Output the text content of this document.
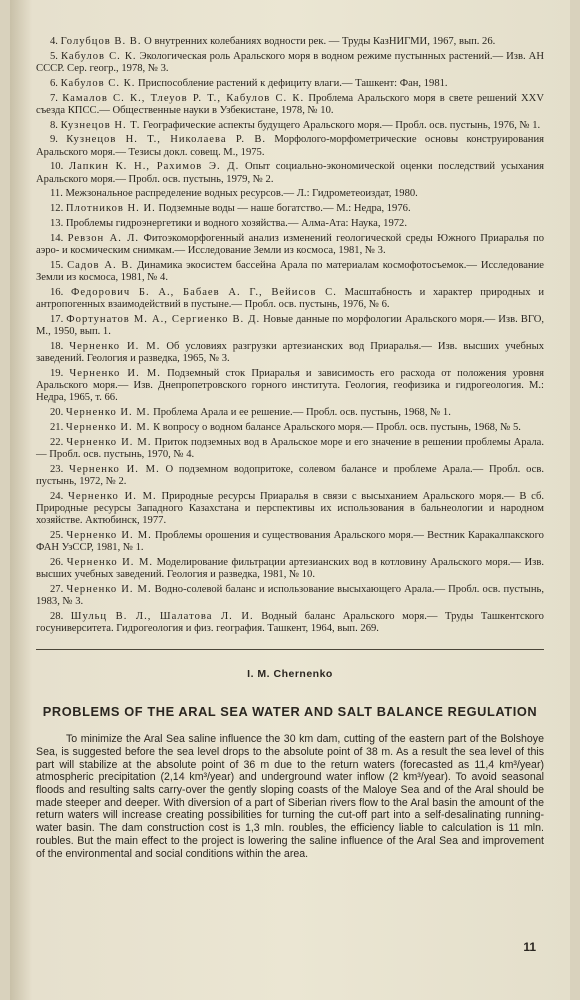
4. Голубцов В. В. О внутренних колебаниях водности рек. — Труды КазНИГМИ, 1967, вып. 26.

5. Кабулов С. К. Экологическая роль Аральского моря в водном режиме пустынных растений.— Изв. АН СССР. Сер. геогр., 1978, № 3.

6. Кабулов С. К. Приспособление растений к дефициту влаги.— Ташкент: Фан, 1981.

7. Камалов С. К., Тлеуов Р. Т., Кабулов С. К. Проблема Аральского моря в свете решений XXV съезда КПСС.— Общественные науки в Узбекистане, 1978, № 10.

8. Кузнецов Н. Т. Географические аспекты будущего Аральского моря.— Пробл. осв. пустынь, 1976, № 1.

9. Кузнецов Н. Т., Николаева Р. В. Морфолого-морфометрические основы конструирования Аральского моря.— Тезисы докл. совещ. М., 1975.

10. Лапкин К. Н., Рахимов Э. Д. Опыт социально-экономической оценки последствий усыхания Аральского моря.— Пробл. осв. пустынь, 1979, № 2.

11. Межзональное распределение водных ресурсов.— Л.: Гидрометеоиздат, 1980.

12. Плотников Н. И. Подземные воды — наше богатство.— М.: Недра, 1976.

13. Проблемы гидроэнергетики и водного хозяйства.— Алма-Ата: Наука, 1972.

14. Ревзон А. Л. Фитоэкоморфогенный анализ изменений геологической среды Южного Приаралья по аэро- и космическим снимкам.— Исследование Земли из космоса, 1981, № 3.

15. Садов А. В. Динамика экосистем бассейна Арала по материалам космофотосъемок.— Исследование Земли из космоса, 1981, № 4.

16. Федорович Б. А., Бабаев А. Г., Вейисов С. Масштабность и характер природных и антропогенных взаимодействий в пустыне.— Пробл. осв. пустынь, 1976, № 6.

17. Фортунатов М. А., Сергиенко В. Д. Новые данные по морфологии Аральского моря.— Изв. ВГО, М., 1950, вып. 1.

18. Черненко И. М. Об условиях разгрузки артезианских вод Приаралья.— Изв. высших учебных заведений. Геология и разведка, 1965, № 3.

19. Черненко И. М. Подземный сток Приаралья и зависимость его расхода от положения уровня Аральского моря.— Изв. Днепропетровского горного института. Геология, геофизика и гидрогеология. М.: Недра, 1965, т. 66.

20. Черненко И. М. Проблема Арала и ее решение.— Пробл. осв. пустынь, 1968, № 1.

21. Черненко И. М. К вопросу о водном балансе Аральского моря.— Пробл. осв. пустынь, 1968, № 5.

22. Черненко И. М. Приток подземных вод в Аральское море и его значение в решении проблемы Арала.— Пробл. осв. пустынь, 1970, № 4.

23. Черненко И. М. О подземном водопритоке, солевом балансе и проблеме Арала.— Пробл. осв. пустынь, 1972, № 2.

24. Черненко И. М. Природные ресурсы Приаралья в связи с высыханием Аральского моря.— В сб. Природные ресурсы Западного Казахстана и перспективы их использования в бальнеологии и народном хозяйстве. Актюбинск, 1977.

25. Черненко И. М. Проблемы орошения и существования Аральского моря.— Вестник Каракалпакского ФАН УзССР, 1981, № 1.

26. Черненко И. М. Моделирование фильтрации артезианских вод в котловину Аральского моря.— Изв. высших учебных заведений. Геология и разведка, 1981, № 10.

27. Черненко И. М. Водно-солевой баланс и использование высыхающего Арала.— Пробл. осв. пустынь, 1983, № 3.

28. Шульц В. Л., Шалатова Л. И. Водный баланс Аральского моря.— Труды Ташкентского госуниверситета. Гидрогеология и физ. география. Ташкент, 1964, вып. 269.

I. M. Chernenko
PROBLEMS OF THE ARAL SEA WATER AND SALT BALANCE REGULATION

To minimize the Aral Sea saline influence the 30 km dam, cutting of the eastern part of the Bolshoye Sea, is suggested before the sea level drops to the absolute point of 38 m. As a result the sea level of this part will stabilize at the absolute point of 36 m due to the return waters (forecasted as 11,4 km³/year) atmospheric precipitation (2,14 km³/year) and underground water inflow (2 km³/year). To avoid seasonal floods and resulting salts carry-over the gently sloping coasts of the Maloye Sea and of the Aral should be made steeper and deeper. With diversion of a part of Siberian rivers flow to the Aral basin the amount of the return waters will increase creating possibilities for turning the cut-off part into a self-desalinating running-water basin. The dam construction cost is 1,3 mln. roubles, the efficiency liable to calculation is 11 mln. roubles. But the main effect to the project is lowering the saline influence of the Aral Sea and improvement of the environmental and social conditions within the area.

11
